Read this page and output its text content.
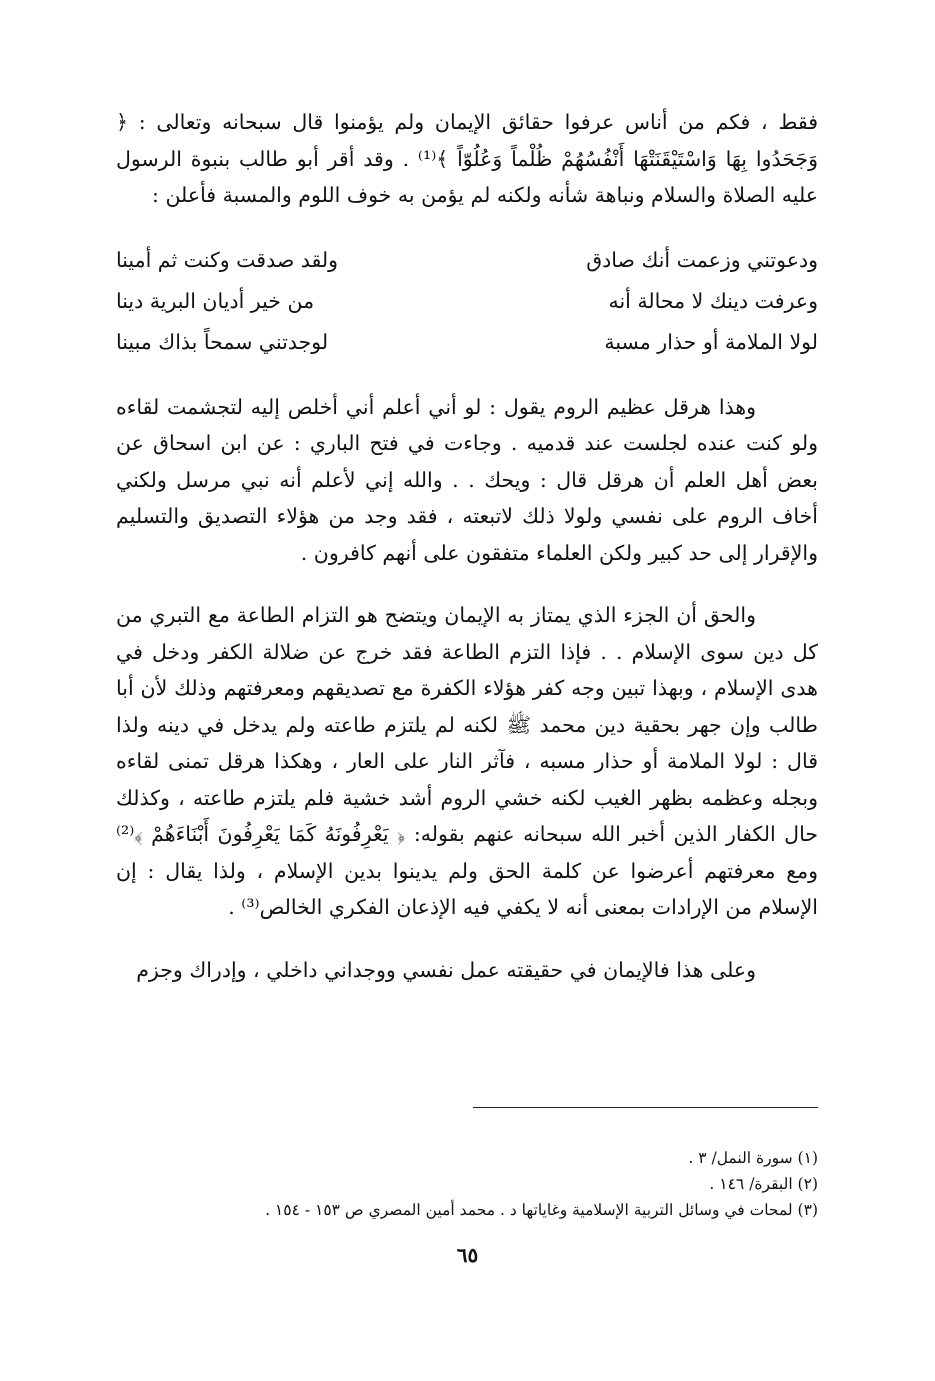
فقط ، فكم من أناس عرفوا حقائق الإيمان ولم يؤمنوا قال سبحانه وتعالى : ﴿ وَجَحَدُوا بِهَا وَاسْتَيْقَنَتْهَا أَنْفُسُهُمْ ظُلْماً وَعُلُوّاً ﴾⁽¹⁾ . وقد أقر أبو طالب بنبوة الرسول عليه الصلاة والسلام ونباهة شأنه ولكنه لم يؤمن به خوف اللوم والمسبة فأعلن :

ودعوتني وزعمت أنك صادق
ولقد صدقت وكنت ثم أمينا
وعرفت دينك لا محالة أنه
من خير أديان البرية دينا
لولا الملامة أو حذار مسبة
لوجدتني سمحاً بذاك مبينا

وهذا هرقل عظيم الروم يقول : لو أني أعلم أني أخلص إليه لتجشمت لقاءه ولو كنت عنده لجلست عند قدميه . وجاءت في فتح الباري : عن ابن اسحاق عن بعض أهل العلم أن هرقل قال : ويحك . . والله إني لأعلم أنه نبي مرسل ولكني أخاف الروم على نفسي ولولا ذلك لاتبعته ، فقد وجد من هؤلاء التصديق والتسليم والإقرار إلى حد كبير ولكن العلماء متفقون على أنهم كافرون .

والحق أن الجزء الذي يمتاز به الإيمان ويتضح هو التزام الطاعة مع التبري من كل دين سوى الإسلام . . فإذا التزم الطاعة فقد خرج عن ضلالة الكفر ودخل في هدى الإسلام ، وبهذا تبين وجه كفر هؤلاء الكفرة مع تصديقهم ومعرفتهم وذلك لأن أبا طالب وإن جهر بحقية دين محمد ﷺ لكنه لم يلتزم طاعته ولم يدخل في دينه ولذا قال : لولا الملامة أو حذار مسبه ، فآثر النار على العار ، وهكذا هرقل تمنى لقاءه وبجله وعظمه بظهر الغيب لكنه خشي الروم أشد خشية فلم يلتزم طاعته ، وكذلك حال الكفار الذين أخبر الله سبحانه عنهم بقوله: ﴿ يَعْرِفُونَهُ كَمَا يَعْرِفُونَ أَبْنَاءَهُمْ ﴾⁽²⁾ ومع معرفتهم أعرضوا عن كلمة الحق ولم يدينوا بدين الإسلام ، ولذا يقال : إن الإسلام من الإرادات بمعنى أنه لا يكفي فيه الإذعان الفكري الخالص⁽³⁾ .

وعلى هذا فالإيمان في حقيقته عمل نفسي ووجداني داخلي ، وإدراك وجزم

(١) سورة النمل/ ٣ .

(٢) البقرة/ ١٤٦ .

(٣) لمحات في وسائل التربية الإسلامية وغاياتها د . محمد أمين المصري ص ١٥٣ - ١٥٤ .

٦٥
